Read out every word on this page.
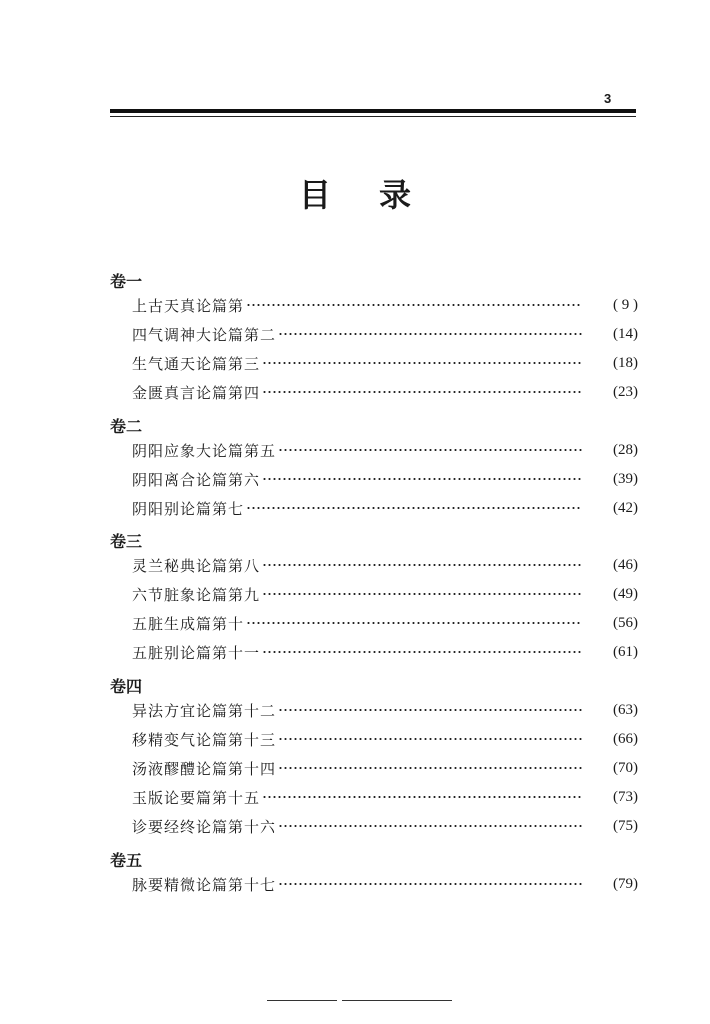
3
目录
卷一
上古天真论篇第	( 9 )
四气调神大论篇第二	(14)
生气通天论篇第三	(18)
金匮真言论篇第四	(23)
卷二
阴阳应象大论篇第五	(28)
阴阳离合论篇第六	(39)
阴阳别论篇第七	(42)
卷三
灵兰秘典论篇第八	(46)
六节脏象论篇第九	(49)
五脏生成篇第十	(56)
五脏别论篇第十一	(61)
卷四
异法方宜论篇第十二	(63)
移精变气论篇第十三	(66)
汤液醪醴论篇第十四	(70)
玉版论要篇第十五	(73)
诊要经终论篇第十六	(75)
卷五
脉要精微论篇第十七	(79)
